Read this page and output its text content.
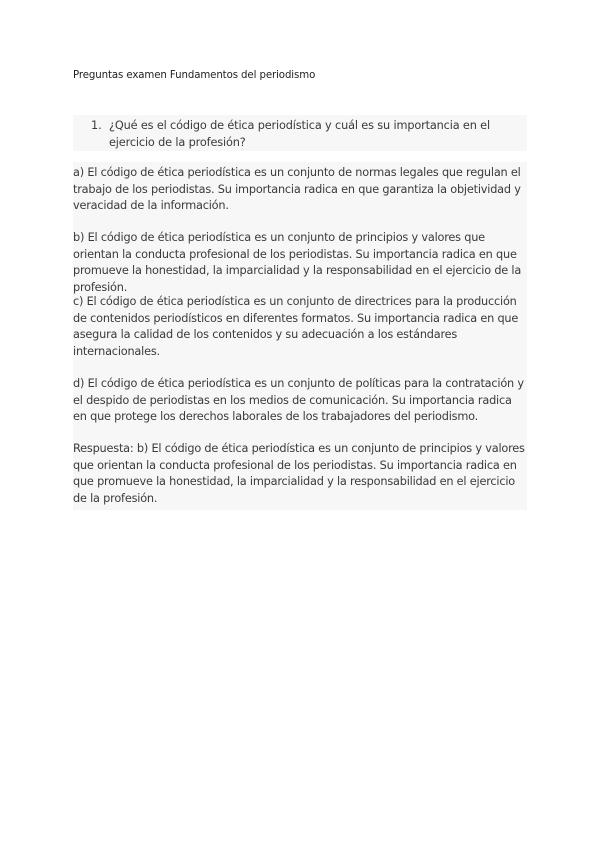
Preguntas examen Fundamentos del periodismo
1. ¿Qué es el código de ética periodística y cuál es su importancia en el ejercicio de la profesión?
a) El código de ética periodística es un conjunto de normas legales que regulan el trabajo de los periodistas. Su importancia radica en que garantiza la objetividad y veracidad de la información.
b) El código de ética periodística es un conjunto de principios y valores que orientan la conducta profesional de los periodistas. Su importancia radica en que promueve la honestidad, la imparcialidad y la responsabilidad en el ejercicio de la profesión.
c) El código de ética periodística es un conjunto de directrices para la producción de contenidos periodísticos en diferentes formatos. Su importancia radica en que asegura la calidad de los contenidos y su adecuación a los estándares internacionales.
d) El código de ética periodística es un conjunto de políticas para la contratación y el despido de periodistas en los medios de comunicación. Su importancia radica en que protege los derechos laborales de los trabajadores del periodismo.
Respuesta: b) El código de ética periodística es un conjunto de principios y valores que orientan la conducta profesional de los periodistas. Su importancia radica en que promueve la honestidad, la imparcialidad y la responsabilidad en el ejercicio de la profesión.
